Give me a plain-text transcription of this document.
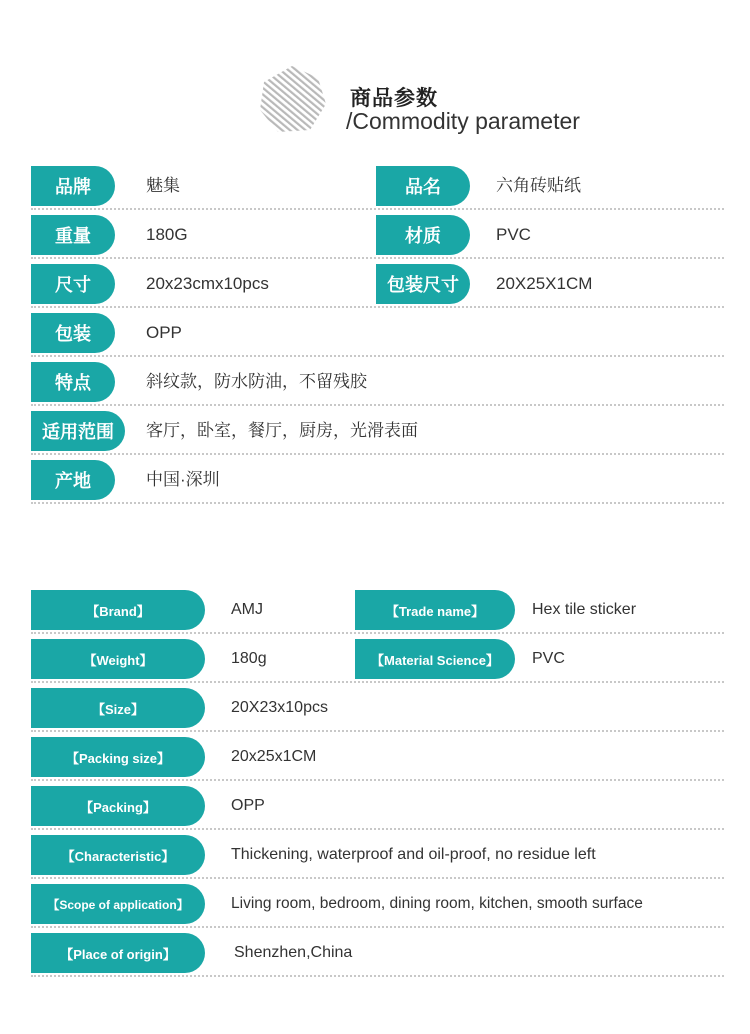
商品参数
/Commodity parameter
品牌	魅集	品名	六角砖贴纸
重量	180G	材质	PVC
尺寸	20x23cmx10pcs	包装尺寸	20X25X1CM
包装	OPP
特点	斜纹款，防水防油，不留残胶
适用范围	客厅，卧室，餐厅，厨房，光滑表面
产地	中国·深圳
【Brand】	AMJ	【Trade name】	Hex tile sticker
【Weight】	180g	【Material Science】	PVC
【Size】	20X23x10pcs
【Packing size】	20x25x1CM
【Packing】	OPP
【Characteristic】	Thickening, waterproof and oil-proof, no residue left
【Scope of application】	Living room, bedroom, dining room, kitchen, smooth surface
【Place of origin】	Shenzhen,China
